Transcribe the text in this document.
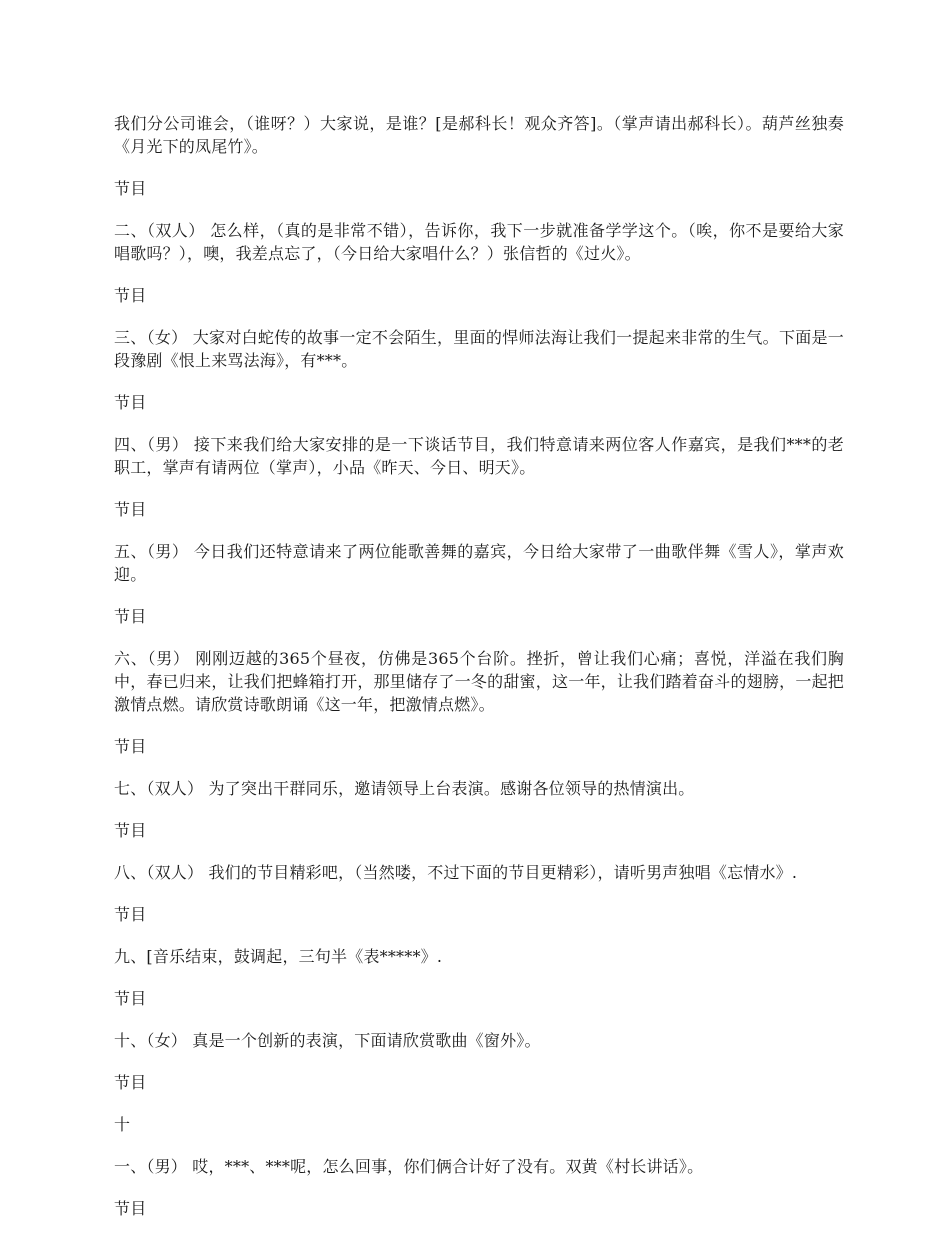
我们分公司谁会，（谁呀？）大家说，是谁？[是郝科长！观众齐答]。（掌声请出郝科长）。葫芦丝独奏《月光下的凤尾竹》。

节目

二、（双人） 怎么样，（真的是非常不错），告诉你，我下一步就准备学学这个。（唉，你不是要给大家唱歌吗？），噢，我差点忘了，（今日给大家唱什么？）张信哲的《过火》。

节目

三、（女） 大家对白蛇传的故事一定不会陌生，里面的悍师法海让我们一提起来非常的生气。下面是一段豫剧《恨上来骂法海》，有***。

节目

四、（男） 接下来我们给大家安排的是一下谈话节目，我们特意请来两位客人作嘉宾，是我们***的老职工，掌声有请两位（掌声），小品《昨天、今日、明天》。

节目

五、（男） 今日我们还特意请来了两位能歌善舞的嘉宾，今日给大家带了一曲歌伴舞《雪人》，掌声欢迎。

节目

六、（男） 刚刚迈越的365个昼夜，仿佛是365个台阶。挫折，曾让我们心痛；喜悦，洋溢在我们胸中，春已归来，让我们把蜂箱打开，那里储存了一冬的甜蜜，这一年，让我们踏着奋斗的翅膀，一起把激情点燃。请欣赏诗歌朗诵《这一年，把激情点燃》。

节目

七、（双人） 为了突出干群同乐，邀请领导上台表演。感谢各位领导的热情演出。

节目

八、（双人） 我们的节目精彩吧，（当然喽，不过下面的节目更精彩），请听男声独唱《忘情水》.

节目

九、[音乐结束，鼓调起，三句半《表*****》.

节目

十、（女） 真是一个创新的表演，下面请欣赏歌曲《窗外》。

节目

十

一、（男） 哎，***、***呢，怎么回事，你们俩合计好了没有。双黄《村长讲话》。

节目
